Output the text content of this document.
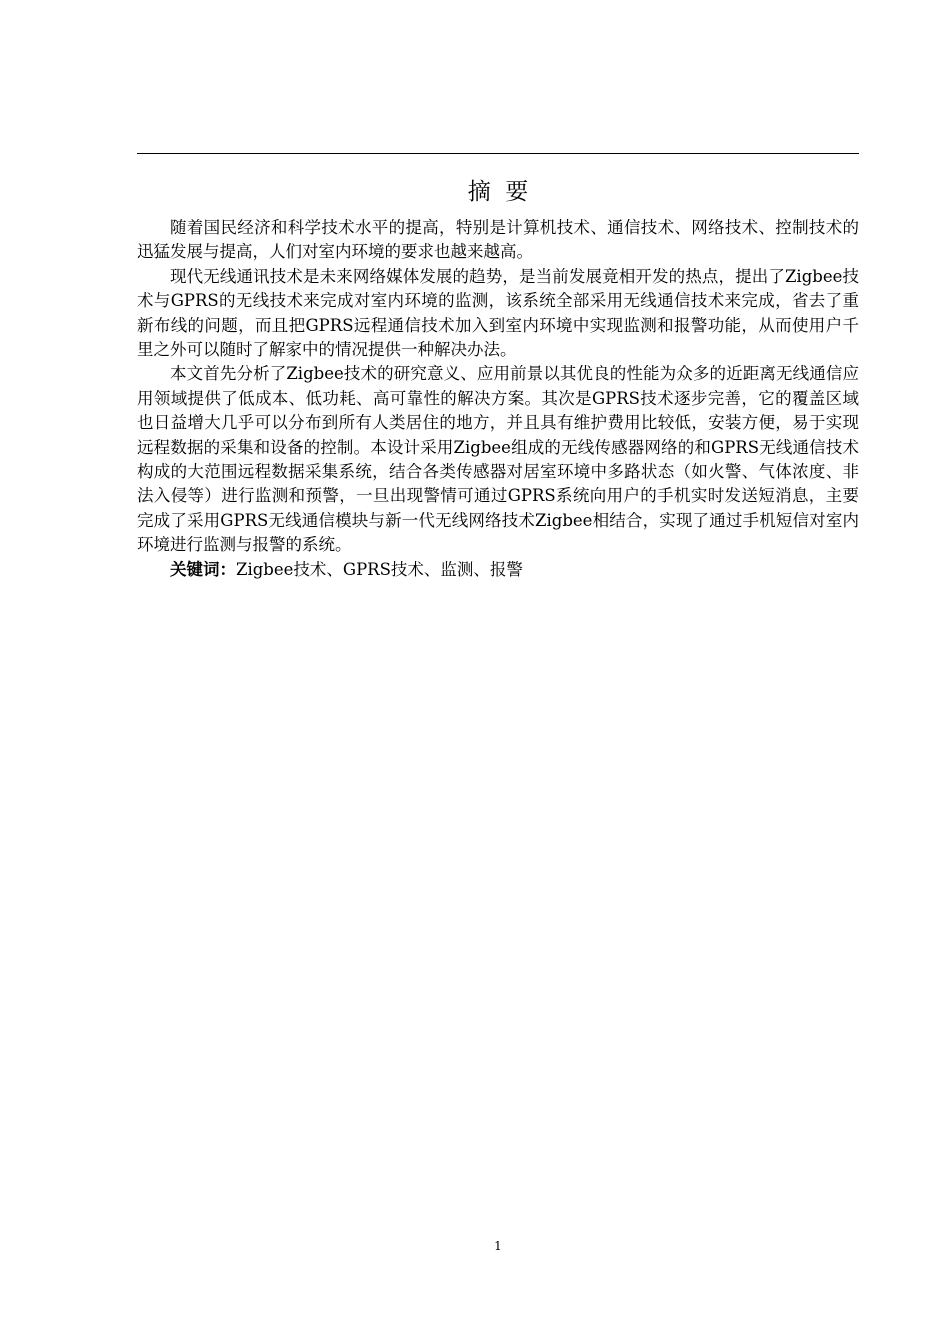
摘  要

随着国民经济和科学技术水平的提高，特别是计算机技术、通信技术、网络技术、控制技术的迅猛发展与提高，人们对室内环境的要求也越来越高。

现代无线通讯技术是未来网络媒体发展的趋势，是当前发展竟相开发的热点，提出了Zigbee技术与GPRS的无线技术来完成对室内环境的监测，该系统全部采用无线通信技术来完成，省去了重新布线的问题，而且把GPRS远程通信技术加入到室内环境中实现监测和报警功能，从而使用户千里之外可以随时了解家中的情况提供一种解决办法。

本文首先分析了Zigbee技术的研究意义、应用前景以其优良的性能为众多的近距离无线通信应用领域提供了低成本、低功耗、高可靠性的解决方案。其次是GPRS技术逐步完善，它的覆盖区域也日益增大几乎可以分布到所有人类居住的地方，并且具有维护费用比较低，安装方便，易于实现远程数据的采集和设备的控制。本设计采用Zigbee组成的无线传感器网络的和GPRS无线通信技术构成的大范围远程数据采集系统，结合各类传感器对居室环境中多路状态（如火警、气体浓度、非法入侵等）进行监测和预警，一旦出现警情可通过GPRS系统向用户的手机实时发送短消息，主要完成了采用GPRS无线通信模块与新一代无线网络技术Zigbee相结合，实现了通过手机短信对室内环境进行监测与报警的系统。

关键词：Zigbee技术、GPRS技术、监测、报警

1
